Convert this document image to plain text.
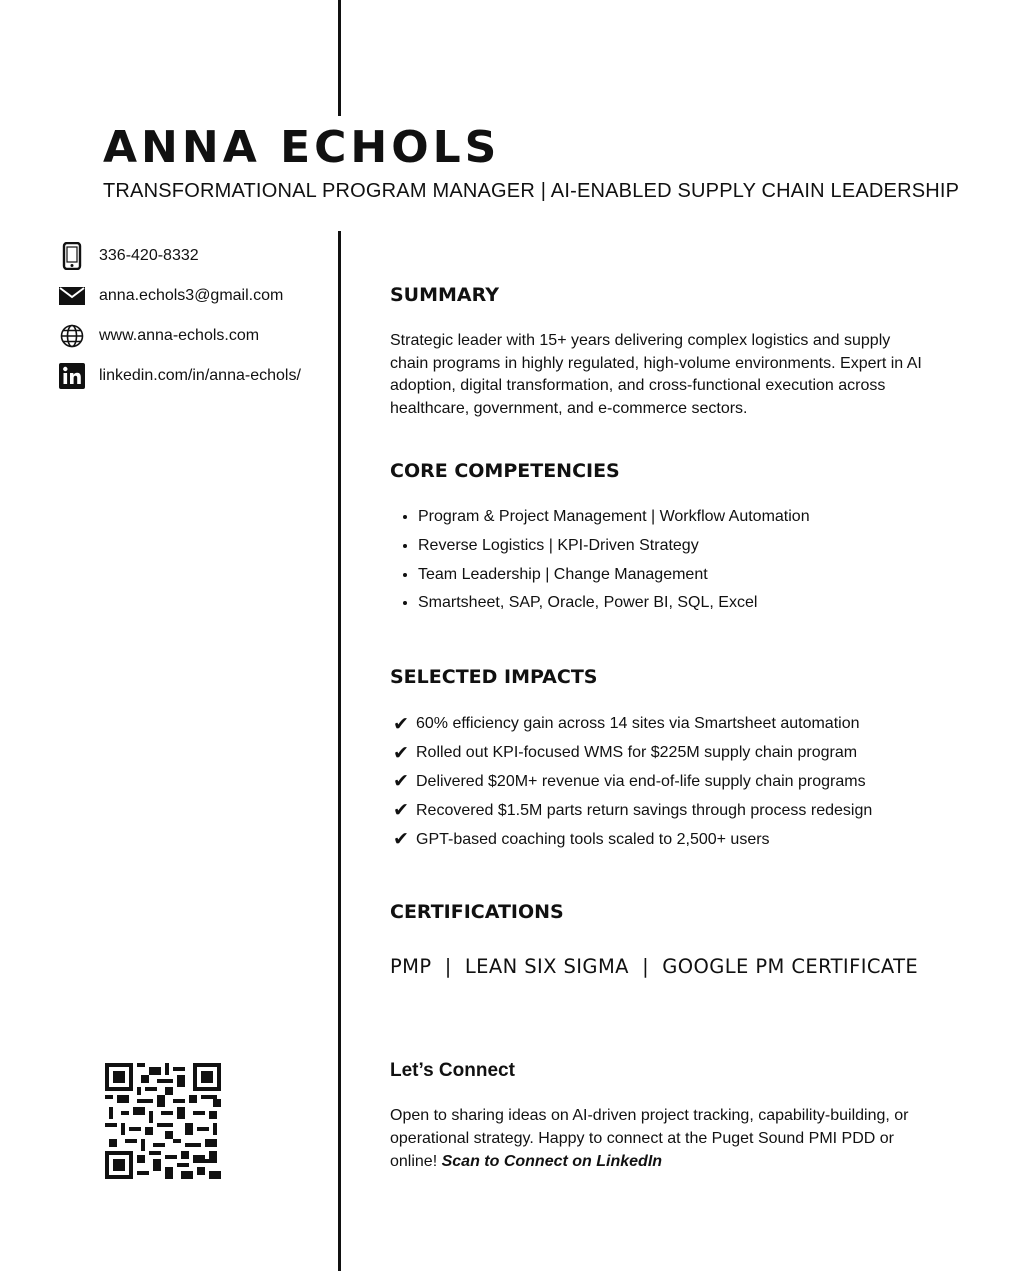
ANNA ECHOLS

TRANSFORMATIONAL PROGRAM MANAGER | AI-ENABLED SUPPLY CHAIN LEADERSHIP

336-420-8332
anna.echols3@gmail.com
www.anna-echols.com
linkedin.com/in/anna-echols/
SUMMARY

Strategic leader with 15+ years delivering complex logistics and supply chain programs in highly regulated, high-volume environments. Expert in AI adoption, digital transformation, and cross-functional execution across healthcare, government, and e-commerce sectors.

CORE COMPETENCIES
• Program & Project Management | Workflow Automation
• Reverse Logistics | KPI-Driven Strategy
• Team Leadership | Change Management
• Smartsheet, SAP, Oracle, Power BI, SQL, Excel
SELECTED IMPACTS
✔ 60% efficiency gain across 14 sites via Smartsheet automation
✔ Rolled out KPI-focused WMS for $225M supply chain program
✔ Delivered $20M+ revenue via end-of-life supply chain programs
✔ Recovered $1.5M parts return savings through process redesign
✔ GPT-based coaching tools scaled to 2,500+ users
CERTIFICATIONS

PMP  |  LEAN SIX SIGMA  |  GOOGLE PM CERTIFICATE

Let’s Connect

Open to sharing ideas on AI-driven project tracking, capability-building, or operational strategy. Happy to connect at the Puget Sound PMI PDD or online! Scan to Connect on LinkedIn
